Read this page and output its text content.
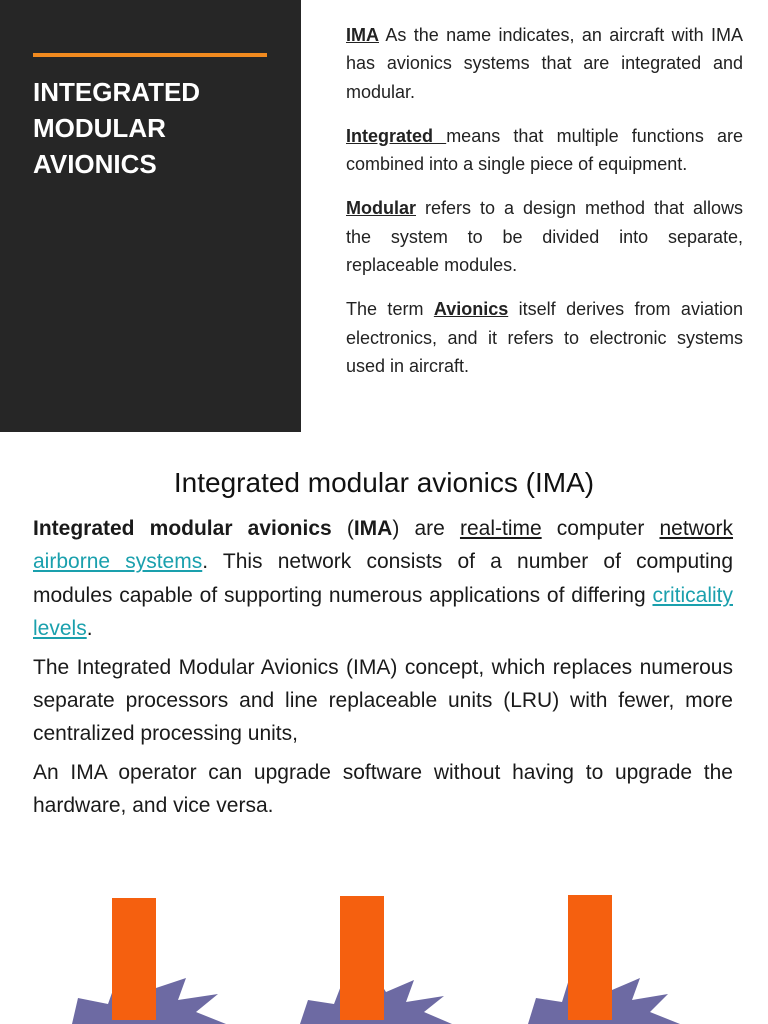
INTEGRATED
MODULAR
AVIONICS

IMA As the name indicates, an aircraft with IMA has avionics systems that are integrated and modular.

Integrated means that multiple functions are combined into a single piece of equipment.

Modular refers to a design method that allows the system to be divided into separate, replaceable modules.

The term Avionics itself derives from aviation electronics, and it refers to electronic systems used in aircraft.

Integrated modular avionics (IMA)

Integrated modular avionics (IMA) are real-time computer network airborne systems. This network consists of a number of computing modules capable of supporting numerous applications of differing criticality levels.

The Integrated Modular Avionics (IMA) concept, which replaces numerous separate processors and line replaceable units (LRU) with fewer, more centralized processing units,

An IMA operator can upgrade software without having to upgrade the hardware, and vice versa.
